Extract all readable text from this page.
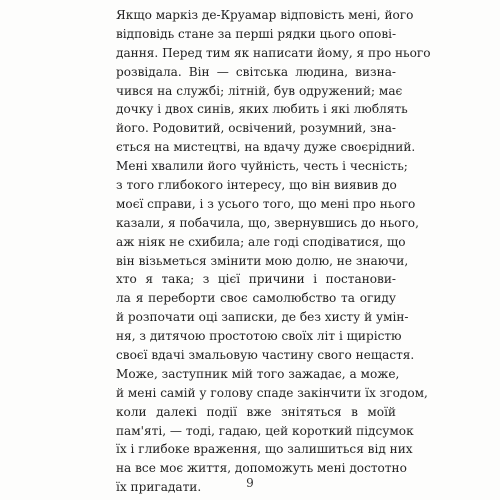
Якщо маркіз де-Круамар відповість мені, його
відповідь стане за перші рядки цього опові-
дання. Перед тим як написати йому, я про нього
розвідала. Він — світська людина, визна-
чився на службі; літній, був одружений; має
дочку і двох синів, яких любить і які люблять
його. Родовитий, освічений, розумний, зна-
ється на мистецтві, на вдачу дуже своєрідний.
Мені хвалили його чуйність, честь і чесність;
з того глибокого інтересу, що він виявив до
моєї справи, і з усього того, що мені про нього
казали, я побачила, що, звернувшись до нього,
аж ніяк не схибила; але годі сподіватися, що
він візьметься змінити мою долю, не знаючи,
хто я така; з цієї причини і постанови-
ла я переборти своє самолюбство та огиду
й розпочати оці записки, де без хисту й умін-
ня, з дитячою простотою своїх літ і щирістю
своєї вдачі змальовую частину свого нещастя.
Може, заступник мій того зажадає, а може,
й мені самій у голову спаде закінчити їх згодом,
коли далекі події вже знітяться в моїй
пам'яті, — тоді, гадаю, цей короткий підсумок
їх і глибоке враження, що залишиться від них
на все моє життя, допоможуть мені достотно
їх пригадати.	9
